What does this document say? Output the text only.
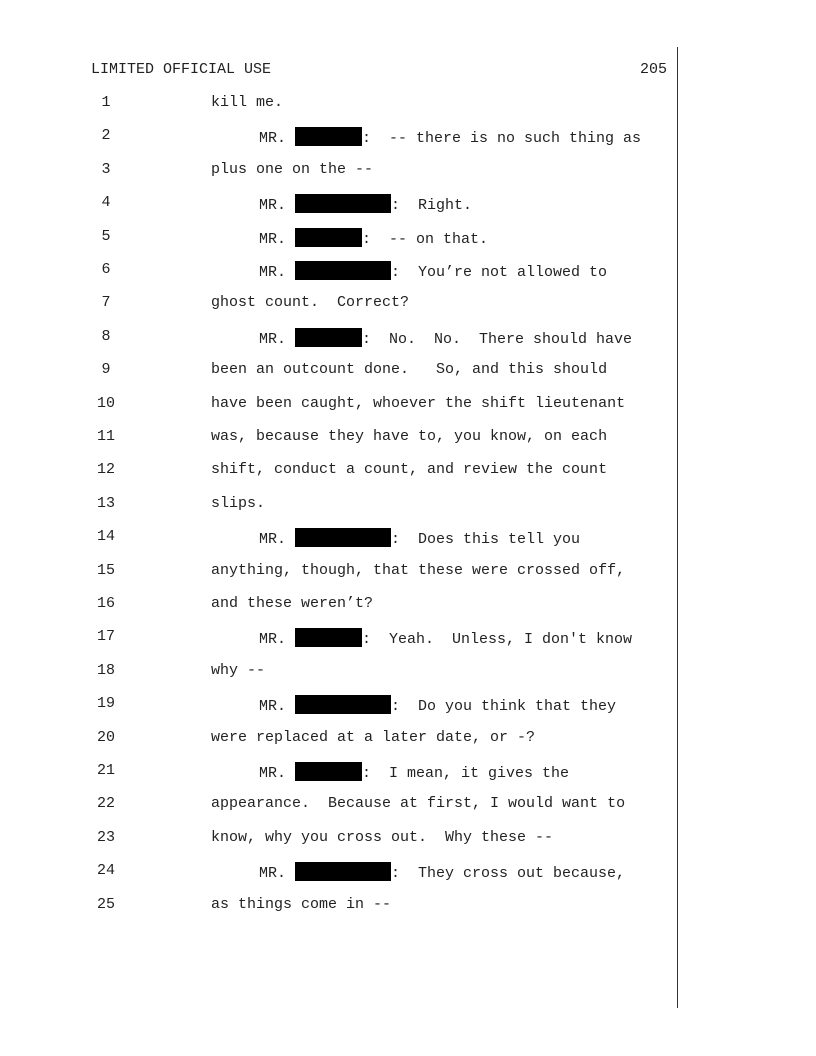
LIMITED OFFICIAL USE	205
1	kill me.
2	MR.	:  -- there is no such thing as
3	plus one on the --
4	MR.	:  Right.
5	MR.	:  -- on that.
6	MR.	:  You’re not allowed to
7	ghost count.  Correct?
8	MR.	:  No.  No.  There should have
9	been an outcount done.   So, and this should
10	have been caught, whoever the shift lieutenant
11	was, because they have to, you know, on each
12	shift, conduct a count, and review the count
13	slips.
14	MR.	:  Does this tell you
15	anything, though, that these were crossed off,
16	and these weren’t?
17	MR.	:  Yeah.  Unless, I don't know
18	why --
19	MR.	:  Do you think that they
20	were replaced at a later date, or -?
21	MR.	:  I mean, it gives the
22	appearance.  Because at first, I would want to
23	know, why you cross out.  Why these --
24	MR.	:  They cross out because,
25	as things come in --
